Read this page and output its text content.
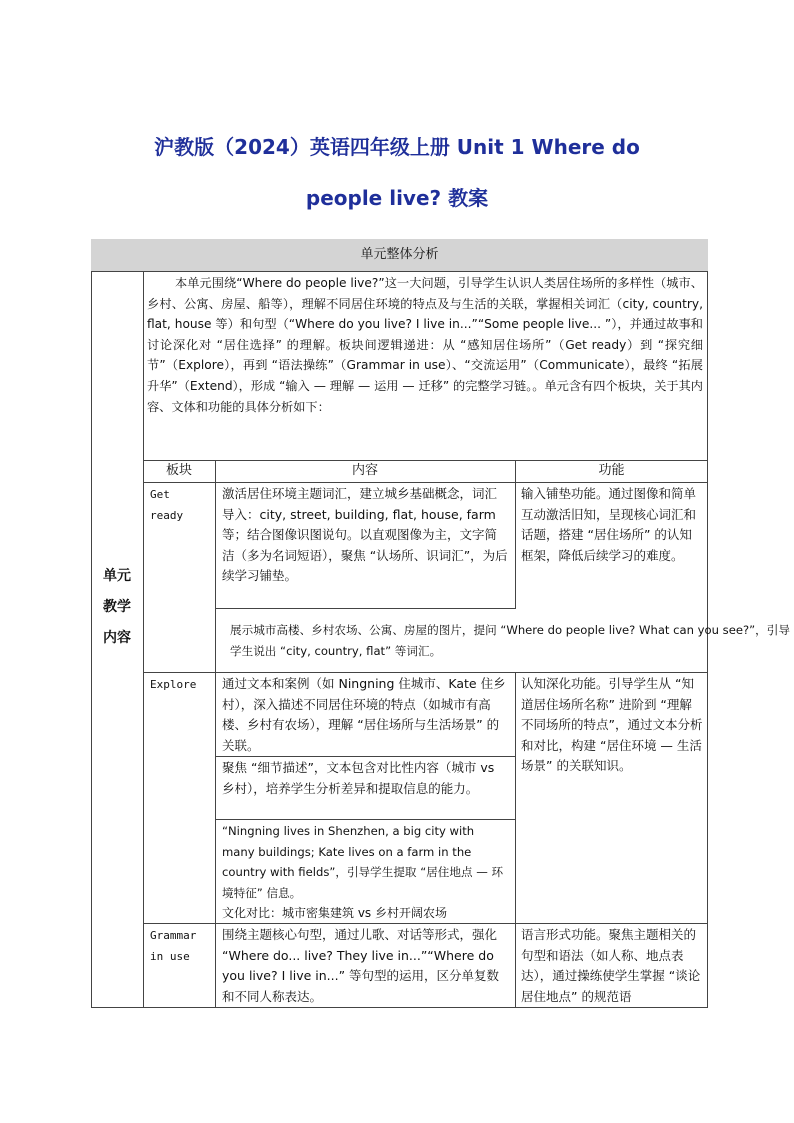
沪教版（2024）英语四年级上册 Unit 1 Where do
people live? 教案
单元整体分析
单元
教学
内容
本单元围绕“Where do people live?”这一大问题，引导学生认识人类居住场所的多样性（城市、乡村、公寓、房屋、船等），理解不同居住环境的特点及与生活的关联，掌握相关词汇（city, country, flat, house 等）和句型（“Where do you live? I live in...”“Some people live... ”），并通过故事和讨论深化对 “居住选择” 的理解。板块间逻辑递进：从 “感知居住场所”（Get ready）到 “探究细节”（Explore），再到 “语法操练”（Grammar in use）、“交流运用”（Communicate），最终 “拓展升华”（Extend），形成 “输入 — 理解 — 运用 — 迁移” 的完整学习链。。单元含有四个板块，关于其内容、文体和功能的具体分析如下：
板块	内容	功能
Get
ready
激活居住环境主题词汇，建立城乡基础概念，词汇导入：city, street, building, flat, house, farm 等；结合图像识图说句。以直观图像为主，文字简洁（多为名词短语），聚焦 “认场所、识词汇”，为后续学习铺垫。
展示城市高楼、乡村农场、公寓、房屋的图片，提问 “Where do people live? What can you see?”，引导学生说出 “city, country, flat” 等词汇。
输入铺垫功能。通过图像和简单互动激活旧知，呈现核心词汇和话题，搭建 “居住场所” 的认知框架，降低后续学习的难度。
Explore 通过文本和案例（如 Ningning 住城市、Kate 住乡村），深入描述不同居住环境的特点（如城市有高楼、乡村有农场），理解 “居住场所与生活场景” 的关联。
聚焦 “细节描述”，文本包含对比性内容（城市 vs 乡村），培养学生分析差异和提取信息的能力。
“Ningning lives in Shenzhen, a big city with many buildings; Kate lives on a farm in the country with fields”，引导学生提取 “居住地点 — 环境特征” 信息。
文化对比：城市密集建筑 vs 乡村开阔农场
认知深化功能。引导学生从 “知道居住场所名称” 进阶到 “理解不同场所的特点”，通过文本分析和对比，构建 “居住环境 — 生活场景” 的关联知识。
Grammar
in use
围绕主题核心句型，通过儿歌、对话等形式，强化 “Where do... live? They live in...”“Where do you live? I live in...” 等句型的运用，区分单复数和不同人称表达。
语言形式功能。聚焦主题相关的句型和语法（如人称、地点表达），通过操练使学生掌握 “谈论居住地点” 的规范语
